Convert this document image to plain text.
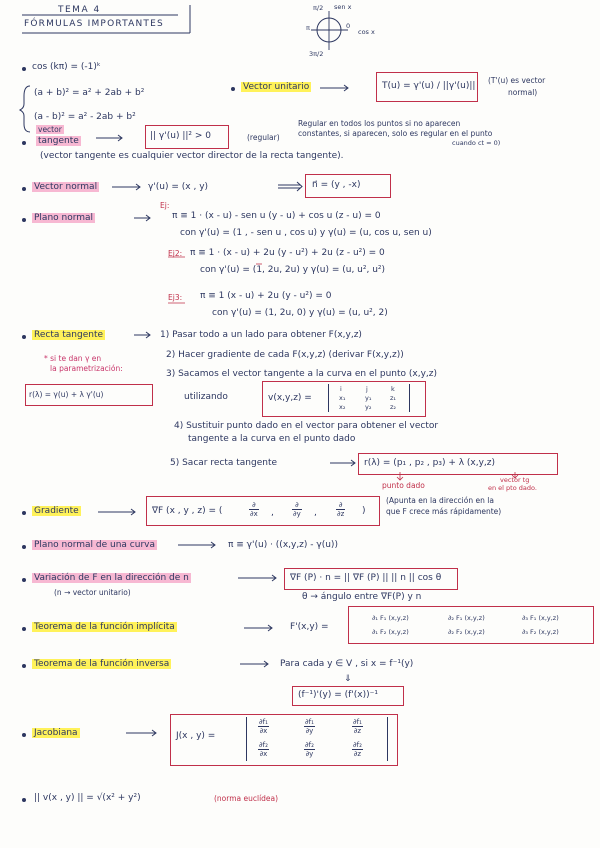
TEMA 4
FÓRMULAS IMPORTANTES
π/2 sen x
cos x
π	0
3π/2
cos (kπ) = (-1)ᵏ
(a + b)² = a² + 2ab + b²
(a - b)² = a² - 2ab + b²
Vector unitario	T(u) = γ'(u) / ||γ'(u)||
(T'(u) es vector
normal)
vector
tangente	|| γ'(u) ||² > 0	(regular)
Regular en todos los puntos si no aparecen
constantes, si aparecen, solo es regular en el punto
cuando ct = 0)
(vector tangente es cualquier vector director de la recta tangente).
Vector normal	γ'(u) = (x , y)	n⃗ = (y , -x)
Plano normal
Ej:
π ≡ 1 · (x - u) - sen u (y - u) + cos u (z - u) = 0
con γ'(u) = (1 , - sen u , cos u) y γ(u) = (u, cos u, sen u)
Ej2: π ≡ 1 · (x - u) + 2u (y - u²) + 2u (z - u²) = 0
con γ'(u) = (1, 2u, 2u) y γ(u) = (u, u², u²)
Ej3: π ≡ 1 (x - u) + 2u (y - u²) = 0
con γ'(u) = (1, 2u, 0) y γ(u) = (u, u², 2)
Recta tangente
* si te dan γ en
la parametrización:
r(λ) = γ(u) + λ γ'(u)
1) Pasar todo a un lado para obtener F(x,y,z)
2) Hacer gradiente de cada F(x,y,z) (derivar F(x,y,z))
3) Sacamos el vector tangente a la curva en el punto (x,y,z)
utilizando	v(x,y,z) =
i	j	k
x₁	y₁	z₁
x₂	y₂	z₂
4) Sustituir punto dado en el vector para obtener el vector
tangente a la curva en el punto dado
5) Sacar recta tangente	r(λ) = (p₁ , p₂ , p₃) + λ (x,y,z)
punto dado
vector tg
en el pto dado.
Gradiente	∇F (x , y , z) = (
∂
∂x ,
∂
∂y ,
∂
∂z )
(Apunta en la dirección en la
que F crece más rápidamente)
Plano normal de una curva	π ≡ γ'(u) · ((x,y,z) - γ(u))
Variación de F en la dirección de n
(n → vector unitario)
∇F (P) · n = || ∇F (P) || || n || cos θ
θ → ángulo entre ∇F(P) y n
Teorema de la función implícita	F'(x,y) =
∂₁ F₁ (x,y,z)	∂₂ F₁ (x,y,z)	∂₃ F₁ (x,y,z)
∂₁ F₂ (x,y,z)	∂₂ F₂ (x,y,z)	∂₃ F₂ (x,y,z)
Teorema de la función inversa	Para cada y ∈ V , si x = f⁻¹(y)
⇓
(f⁻¹)'(y) = (f'(x))⁻¹
Jacobiana	J(x , y) =
$\frac{\text{∂f₁}}{\partial x}$	$\frac{\text{∂f₁}}{\partial y}$	$\frac{\text{∂f₁}}{\partial z}$
$\frac{\text{∂f₂}}{\partial x}$	$\frac{\text{∂f₂}}{\partial y}$	$\frac{\text{∂f₂}}{\partial z}$
|| v(x , y) || = √(x² + y²)	(norma euclídea)
